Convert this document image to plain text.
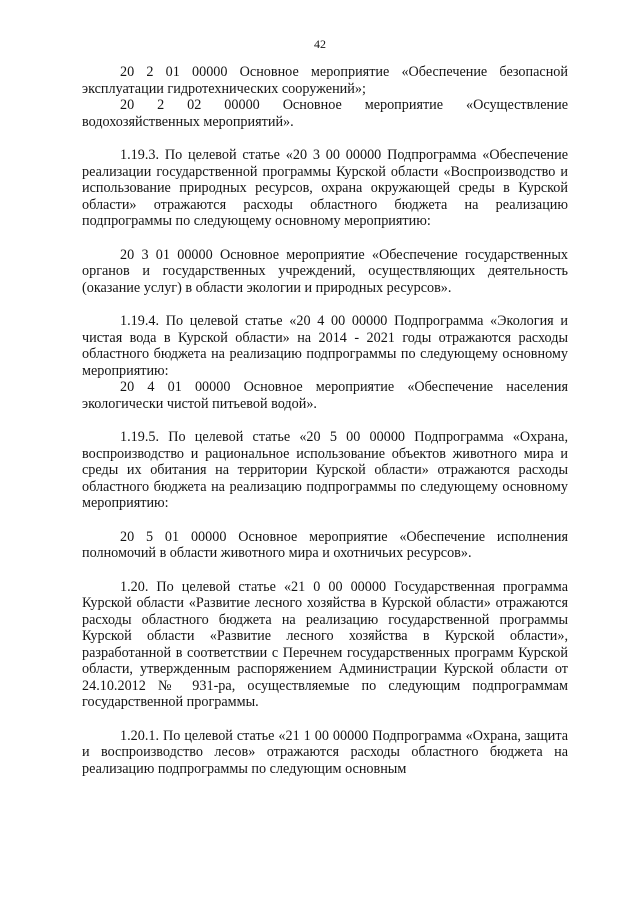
42

20 2 01 00000 Основное мероприятие «Обеспечение безопасной эксплуатации гидротехнических сооружений»;

20 2 02 00000 Основное мероприятие «Осуществление водохозяйственных мероприятий».

1.19.3. По целевой статье «20 3 00 00000 Подпрограмма «Обеспечение реализации государственной программы Курской области «Воспроизводство и использование природных ресурсов, охрана окружающей среды в Курской области» отражаются расходы областного бюджета на реализацию подпрограммы по следующему основному мероприятию:

20 3 01 00000 Основное мероприятие «Обеспечение государственных органов и государственных учреждений, осуществляющих деятельность (оказание услуг) в области экологии и природных ресурсов».

1.19.4. По целевой статье «20 4 00 00000 Подпрограмма «Экология и чистая вода в Курской области» на 2014 - 2021 годы отражаются расходы областного бюджета на реализацию подпрограммы по следующему основному мероприятию:

20 4 01 00000 Основное мероприятие «Обеспечение населения экологически чистой питьевой водой».

1.19.5. По целевой статье «20 5 00 00000 Подпрограмма «Охрана, воспроизводство и рациональное использование объектов животного мира и среды их обитания на территории Курской области» отражаются расходы областного бюджета на реализацию подпрограммы по следующему основному мероприятию:

20 5 01 00000 Основное мероприятие «Обеспечение исполнения полномочий в области животного мира и охотничьих ресурсов».

1.20. По целевой статье «21 0 00 00000 Государственная программа Курской области «Развитие лесного хозяйства в Курской области» отражаются расходы областного бюджета на реализацию государственной программы Курской области «Развитие лесного хозяйства в Курской области», разработанной в соответствии с Перечнем государственных программ Курской области, утвержденным распоряжением Администрации Курской области от 24.10.2012 № 931-ра, осуществляемые по следующим подпрограммам государственной программы.

1.20.1. По целевой статье «21 1 00 00000 Подпрограмма «Охрана, защита и воспроизводство лесов» отражаются расходы областного бюджета на реализацию подпрограммы по следующим основным
